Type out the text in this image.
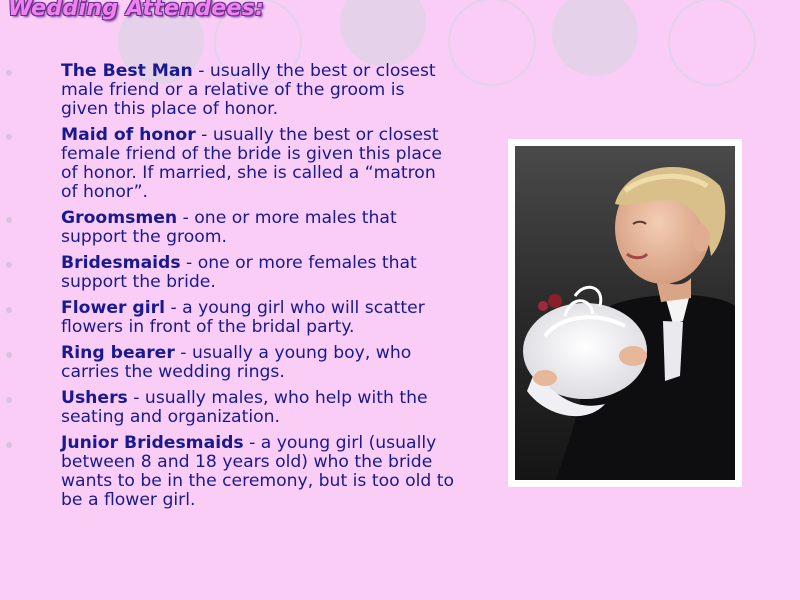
Wedding Attendees:
The Best Man - usually the best or closest male friend or a relative of the groom is given this place of honor.
Maid of honor - usually the best or closest female friend of the bride is given this place of honor. If married, she is called a “matron of honor”.
Groomsmen - one or more males that support the groom.
Bridesmaids - one or more females that support the bride.
Flower girl - a young girl who will scatter flowers in front of the bridal party.
Ring bearer - usually a young boy, who carries the wedding rings.
Ushers - usually males, who help with the seating and organization.
Junior Bridesmaids - a young girl (usually between 8 and 18 years old) who the bride wants to be in the ceremony, but is too old to be a flower girl.
